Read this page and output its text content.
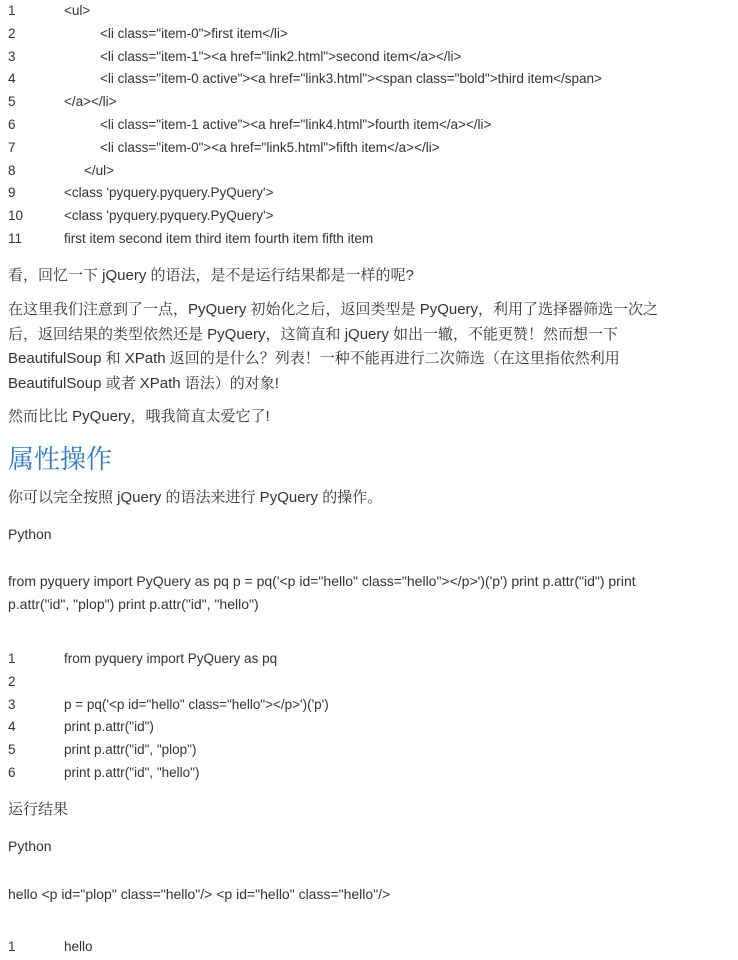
1	<ul>
2	<li class="item-0">first item</li>
3	<li class="item-1"><a href="link2.html">second item</a></li>
4	<li class="item-0 active"><a href="link3.html"><span class="bold">third item</span>
5	</a></li>
6	<li class="item-1 active"><a href="link4.html">fourth item</a></li>
7	<li class="item-0"><a href="link5.html">fifth item</a></li>
8	</ul>
9	<class 'pyquery.pyquery.PyQuery'>
10	<class 'pyquery.pyquery.PyQuery'>
11	first item second item third item fourth item fifth item

看，回忆一下 jQuery 的语法，是不是运行结果都是一样的呢?

在这里我们注意到了一点，PyQuery 初始化之后，返回类型是 PyQuery，利用了选择器筛选一次之后，返回结果的类型依然还是 PyQuery，这简直和 jQuery 如出一辙，不能更赞！然而想一下 BeautifulSoup 和 XPath 返回的是什么？列表！一种不能再进行二次筛选（在这里指依然利用 BeautifulSoup 或者 XPath 语法）的对象!

然而比比 PyQuery，哦我简直太爱它了!

属性操作

你可以完全按照 jQuery 的语法来进行 PyQuery 的操作。

Python

from pyquery import PyQuery as pq p = pq('<p id="hello" class="hello"></p>')('p') print p.attr("id") print p.attr("id", "plop") print p.attr("id", "hello")

1	from pyquery import PyQuery as pq
2
3	p = pq('<p id="hello" class="hello"></p>')('p')
4	print p.attr("id")
5	print p.attr("id", "plop")
6	print p.attr("id", "hello")

运行结果

Python

hello <p id="plop" class="hello"/> <p id="hello" class="hello"/>

1	hello
